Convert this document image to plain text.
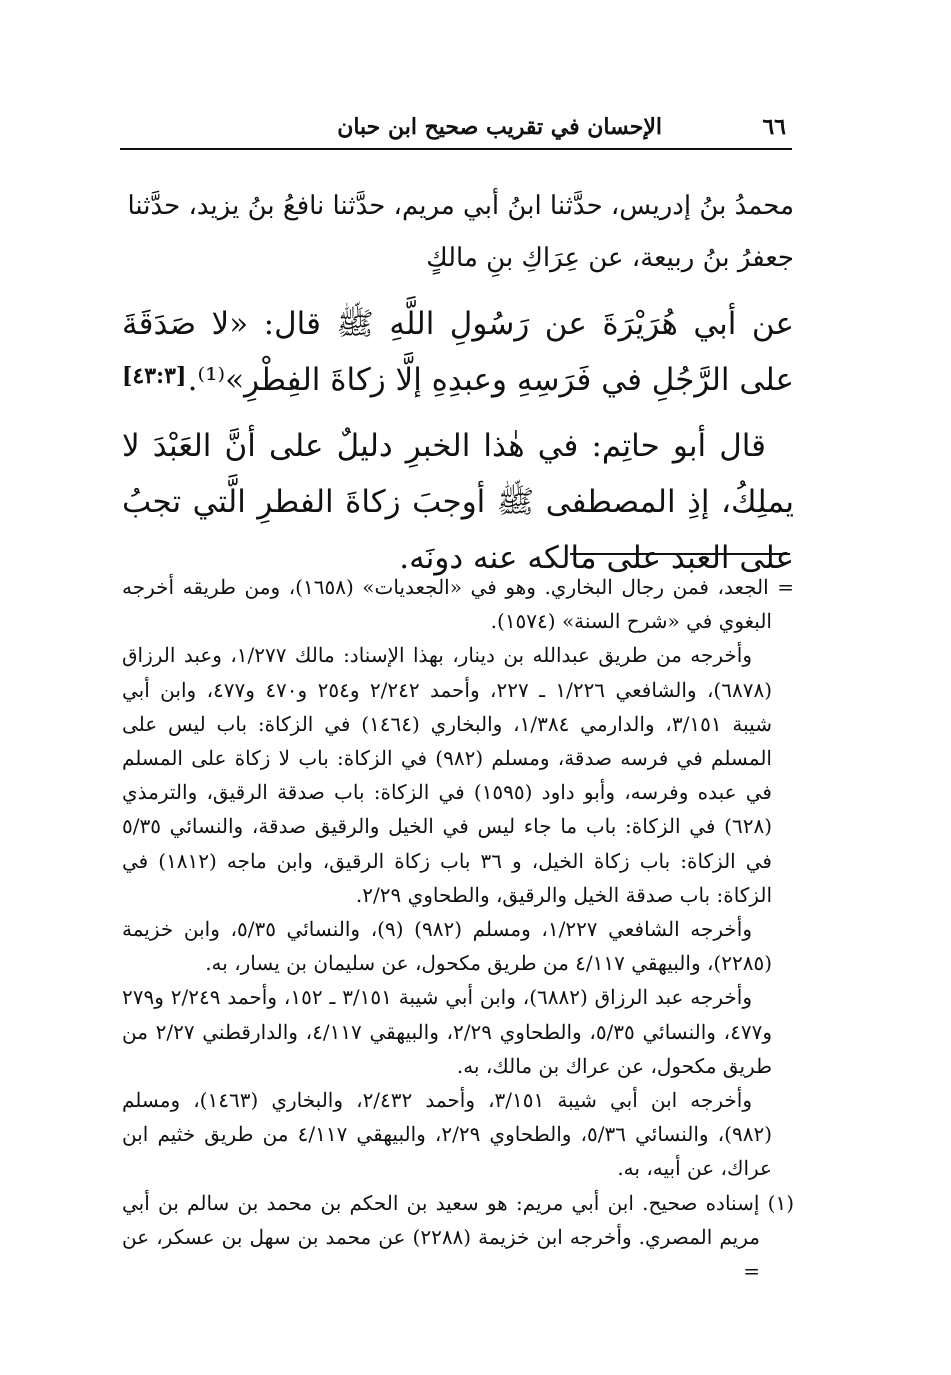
٦٦
الإحسان في تقريب صحيح ابن حبان

محمدُ بنُ إدريس، حدَّثنا ابنُ أبي مريم، حدَّثنا نافعُ بنُ يزيد، حدَّثنا

جعفرُ بنُ ربيعة، عن عِرَاكِ بنِ مالكٍ

عن أبي هُرَيْرَةَ عن رَسُولِ اللَّهِ ﷺ قال: «لا صَدَقَةَ على الرَّجُلِ في فَرَسِهِ وعبدِهِ إلَّا زكاةَ الفِطْرِ»⁽¹⁾.
[٤٣:٣]

قال أبو حاتِم: في هٰذا الخبرِ دليلٌ على أنَّ العَبْدَ لا يملِكُ، إذِ المصطفى ﷺ أوجبَ زكاةَ الفطرِ الَّتي تجبُ على العبد على مالكه عنه دونَه.

= الجعد، فمن رجال البخاري. وهو في «الجعديات» (١٦٥٨)، ومن طريقه أخرجه البغوي في «شرح السنة» (١٥٧٤).

وأخرجه من طريق عبدالله بن دينار، بهذا الإسناد: مالك ١/٢٧٧، وعبد الرزاق (٦٨٧٨)، والشافعي ١/٢٢٦ ـ ٢٢٧، وأحمد ٢/٢٤٢ و٢٥٤ و٤٧٠ و٤٧٧، وابن أبي شيبة ٣/١٥١، والدارمي ١/٣٨٤، والبخاري (١٤٦٤) في الزكاة: باب ليس على المسلم في فرسه صدقة، ومسلم (٩٨٢) في الزكاة: باب لا زكاة على المسلم في عبده وفرسه، وأبو داود (١٥٩٥) في الزكاة: باب صدقة الرقيق، والترمذي (٦٢٨) في الزكاة: باب ما جاء ليس في الخيل والرقيق صدقة، والنسائي ٥/٣٥ في الزكاة: باب زكاة الخيل، و ٣٦ باب زكاة الرقيق، وابن ماجه (١٨١٢) في الزكاة: باب صدقة الخيل والرقيق، والطحاوي ٢/٢٩.

وأخرجه الشافعي ١/٢٢٧، ومسلم (٩٨٢) (٩)، والنسائي ٥/٣٥، وابن خزيمة (٢٢٨٥)، والبيهقي ٤/١١٧ من طريق مكحول، عن سليمان بن يسار، به.

وأخرجه عبد الرزاق (٦٨٨٢)، وابن أبي شيبة ٣/١٥١ ـ ١٥٢، وأحمد ٢/٢٤٩ و٢٧٩ و٤٧٧، والنسائي ٥/٣٥، والطحاوي ٢/٢٩، والبيهقي ٤/١١٧، والدارقطني ٢/٢٧ من طريق مكحول، عن عراك بن مالك، به.

وأخرجه ابن أبي شيبة ٣/١٥١، وأحمد ٢/٤٣٢، والبخاري (١٤٦٣)، ومسلم (٩٨٢)، والنسائي ٥/٣٦، والطحاوي ٢/٢٩، والبيهقي ٤/١١٧ من طريق خثيم ابن عراك، عن أبيه، به.

(١) إسناده صحيح. ابن أبي مريم: هو سعيد بن الحكم بن محمد بن سالم بن أبي مريم المصري. وأخرجه ابن خزيمة (٢٢٨٨) عن محمد بن سهل بن عسكر، عن =
